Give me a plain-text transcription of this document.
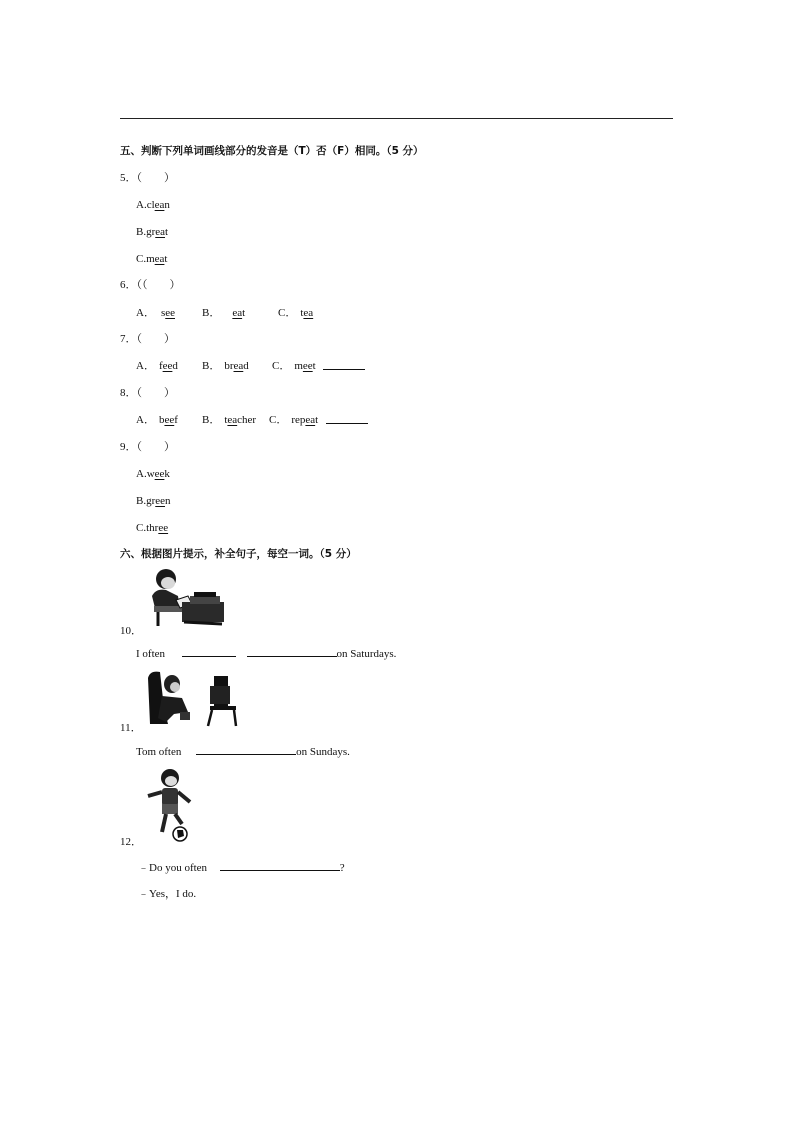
五、判断下列单词画线部分的发音是（T）否（F）相同。（5 分）
5．（　　）
A.clean
B.great
C.meat
6．（（　　）
A． see B． eat	C． tea
7．（　　）
A． feed B． bread C． meet
8．（　　）
A． beef B． teacher C． repeat
9．（　　）
A.week
B.green
C.three
六、根据图片提示，补全句子，每空一词。（5 分）
10．
I often	on Saturdays.
11．
Tom often	on Sundays.
12．
﹣Do you often	?
﹣Yes，I do.
